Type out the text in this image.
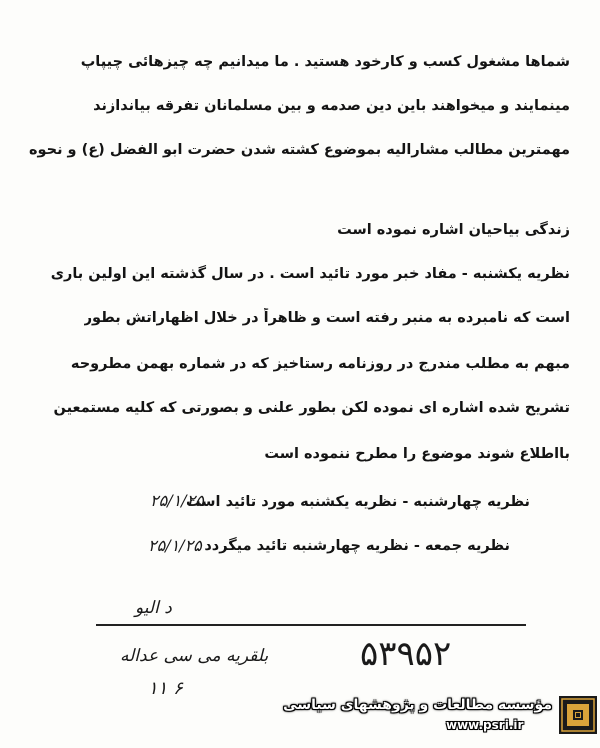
شماها مشغول کسب و کارخود هستید . ما میدانیم چه چیزهائی چیپاپ
مینمایند و میخواهند باین دین صدمه و بین مسلمانان تفرقه بیاندازند
مهمترین مطالب مشارالیه بموضوع کشته شدن حضرت ابو الفضل (ع) و نحوه
زندگی بیاحیان اشاره نموده است
نظریه یکشنبه - مفاد خبر مورد تائید است . در سال گذشته این اولین باری
است که نامبرده به منبر رفته است و ظاهراً در خلال اظهاراتش بطور
مبهم به مطلب مندرج در روزنامه رستاخیز که در شماره بهمن مطروحه
تشریح شده اشاره ای نموده لکن بطور علنی و بصورتی که کلیه مستمعین
بااطلاع شوند موضوع را مطرح ننموده است
نظریه چهارشنبه - نظریه یکشنبه مورد تائید است
نظریه جمعه - نظریه چهارشنبه تائید میگردد
۲۵/۱/۲۵
۲۵/۱/۲۵
د الیو
بلقریه می سی عداله	۵۳۹۵۲
۶ ۱۱
مؤسسه مطالعات و پژوهشهای سیاسی
www.psri.ir
